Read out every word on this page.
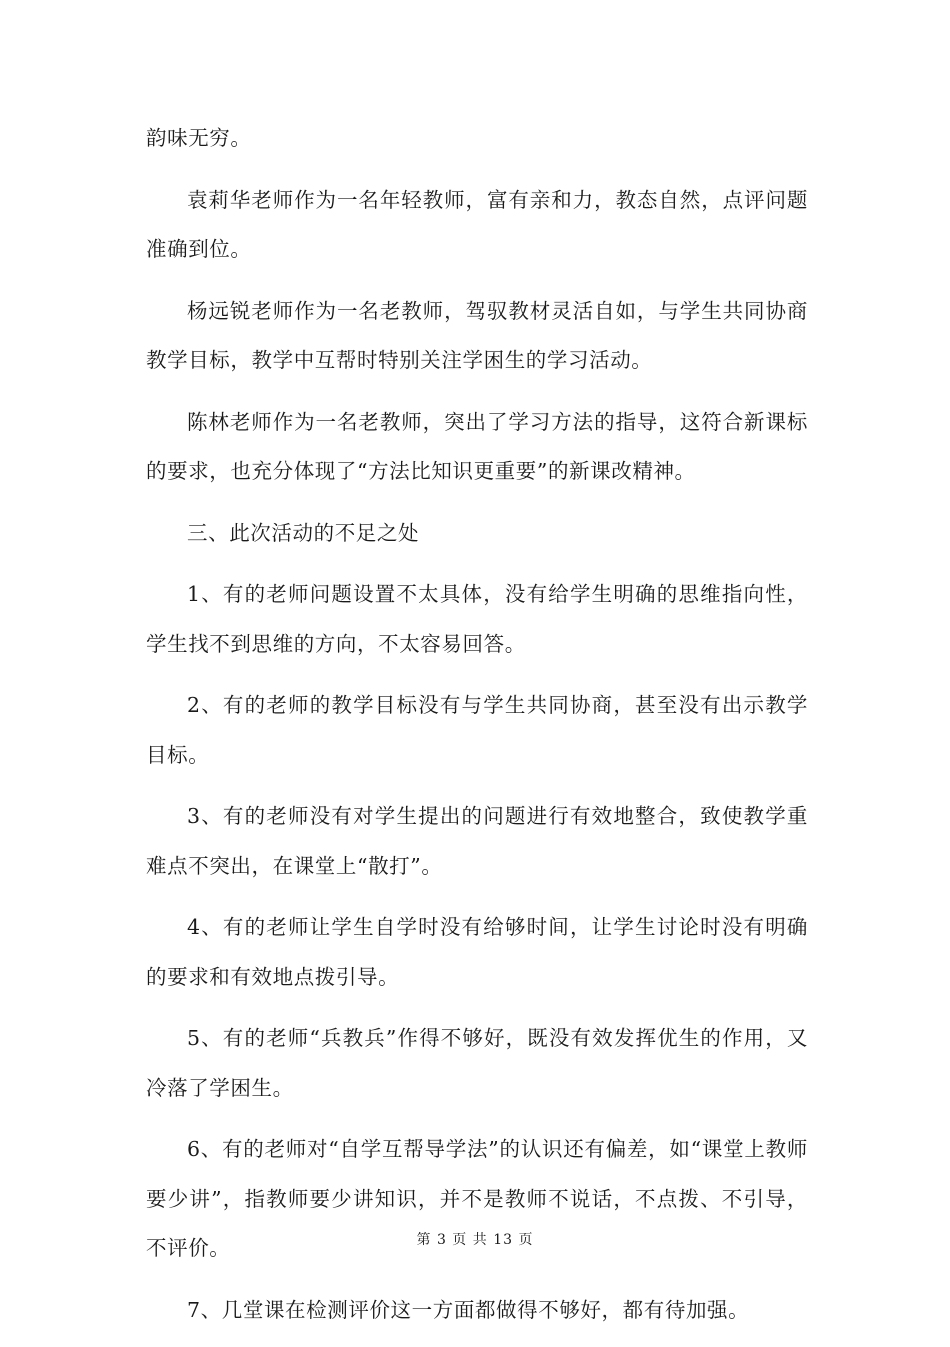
韵味无穷。

袁莉华老师作为一名年轻教师，富有亲和力，教态自然，点评问题准确到位。

杨远锐老师作为一名老教师，驾驭教材灵活自如，与学生共同协商教学目标，教学中互帮时特别关注学困生的学习活动。

陈林老师作为一名老教师，突出了学习方法的指导，这符合新课标的要求，也充分体现了“方法比知识更重要”的新课改精神。

三、此次活动的不足之处

1、有的老师问题设置不太具体，没有给学生明确的思维指向性，学生找不到思维的方向，不太容易回答。

2、有的老师的教学目标没有与学生共同协商，甚至没有出示教学目标。

3、有的老师没有对学生提出的问题进行有效地整合，致使教学重难点不突出，在课堂上“散打”。

4、有的老师让学生自学时没有给够时间，让学生讨论时没有明确的要求和有效地点拨引导。

5、有的老师“兵教兵”作得不够好，既没有效发挥优生的作用，又冷落了学困生。

6、有的老师对“自学互帮导学法”的认识还有偏差，如“课堂上教师要少讲”，指教师要少讲知识，并不是教师不说话，不点拨、不引导，不评价。

7、几堂课在检测评价这一方面都做得不够好，都有待加强。

第 3 页 共 13 页
